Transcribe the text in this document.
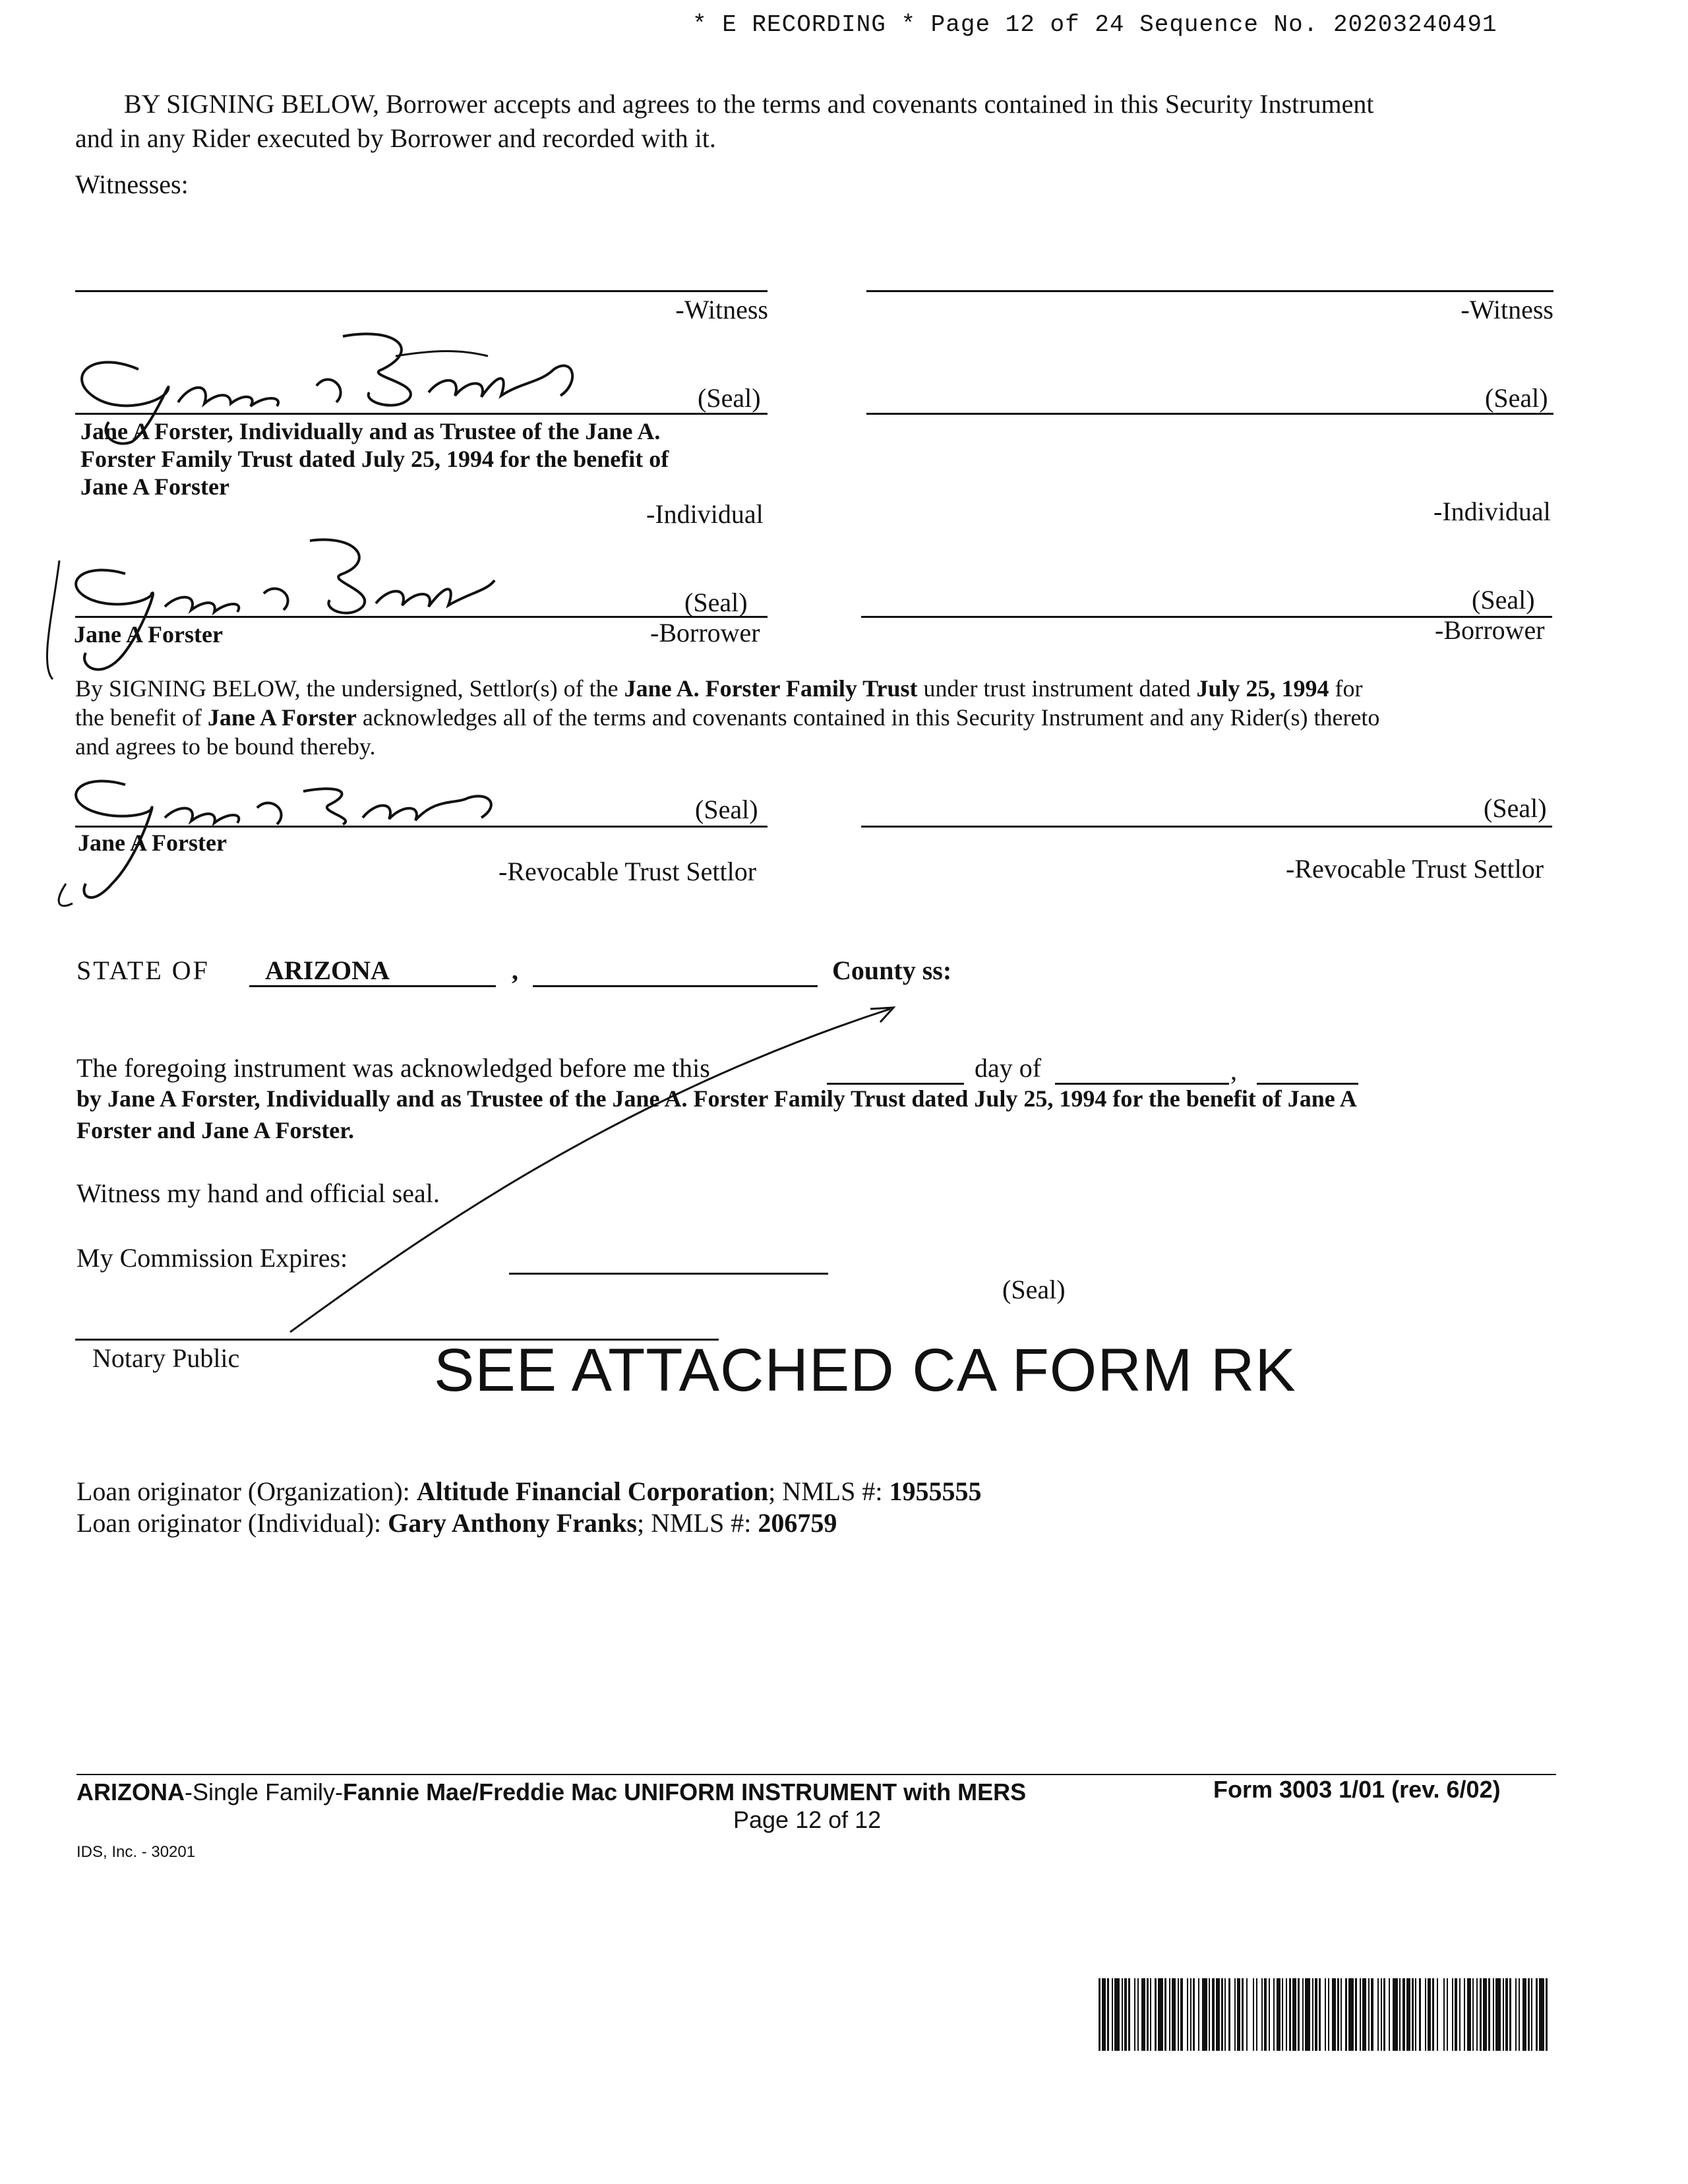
* E RECORDING * Page 12 of 24 Sequence No. 20203240491
BY SIGNING BELOW, Borrower accepts and agrees to the terms and covenants contained in this Security Instrument
and in any Rider executed by Borrower and recorded with it.
Witnesses:
-Witness	-Witness
(Seal)	(Seal)
Jane A Forster, Individually and as Trustee of the Jane A.
Forster Family Trust dated July 25, 1994 for the benefit of
Jane A Forster
-Individual	-Individual
(Seal)	(Seal)
Jane A Forster	-Borrower	-Borrower
By SIGNING BELOW, the undersigned, Settlor(s) of the Jane A. Forster Family Trust under trust instrument dated July 25, 1994 for
the benefit of Jane A Forster acknowledges all of the terms and covenants contained in this Security Instrument and any Rider(s) thereto
and agrees to be bound thereby.
(Seal)	(Seal)
Jane A Forster
-Revocable Trust Settlor	-Revocable Trust Settlor
STATE OF ARIZONA	,	County ss:
The foregoing instrument was acknowledged before me this	day of	,
by Jane A Forster, Individually and as Trustee of the Jane A. Forster Family Trust dated July 25, 1994 for the benefit of Jane A
Forster and Jane A Forster.
Witness my hand and official seal.
My Commission Expires:
(Seal)
Notary Public	SEE ATTACHED CA FORM RK
Loan originator (Organization): Altitude Financial Corporation; NMLS #: 1955555
Loan originator (Individual): Gary Anthony Franks; NMLS #: 206759
ARIZONA-Single Family-Fannie Mae/Freddie Mac UNIFORM INSTRUMENT with MERS	Form 3003 1/01 (rev. 6/02)
Page 12 of 12
IDS, Inc. - 30201
